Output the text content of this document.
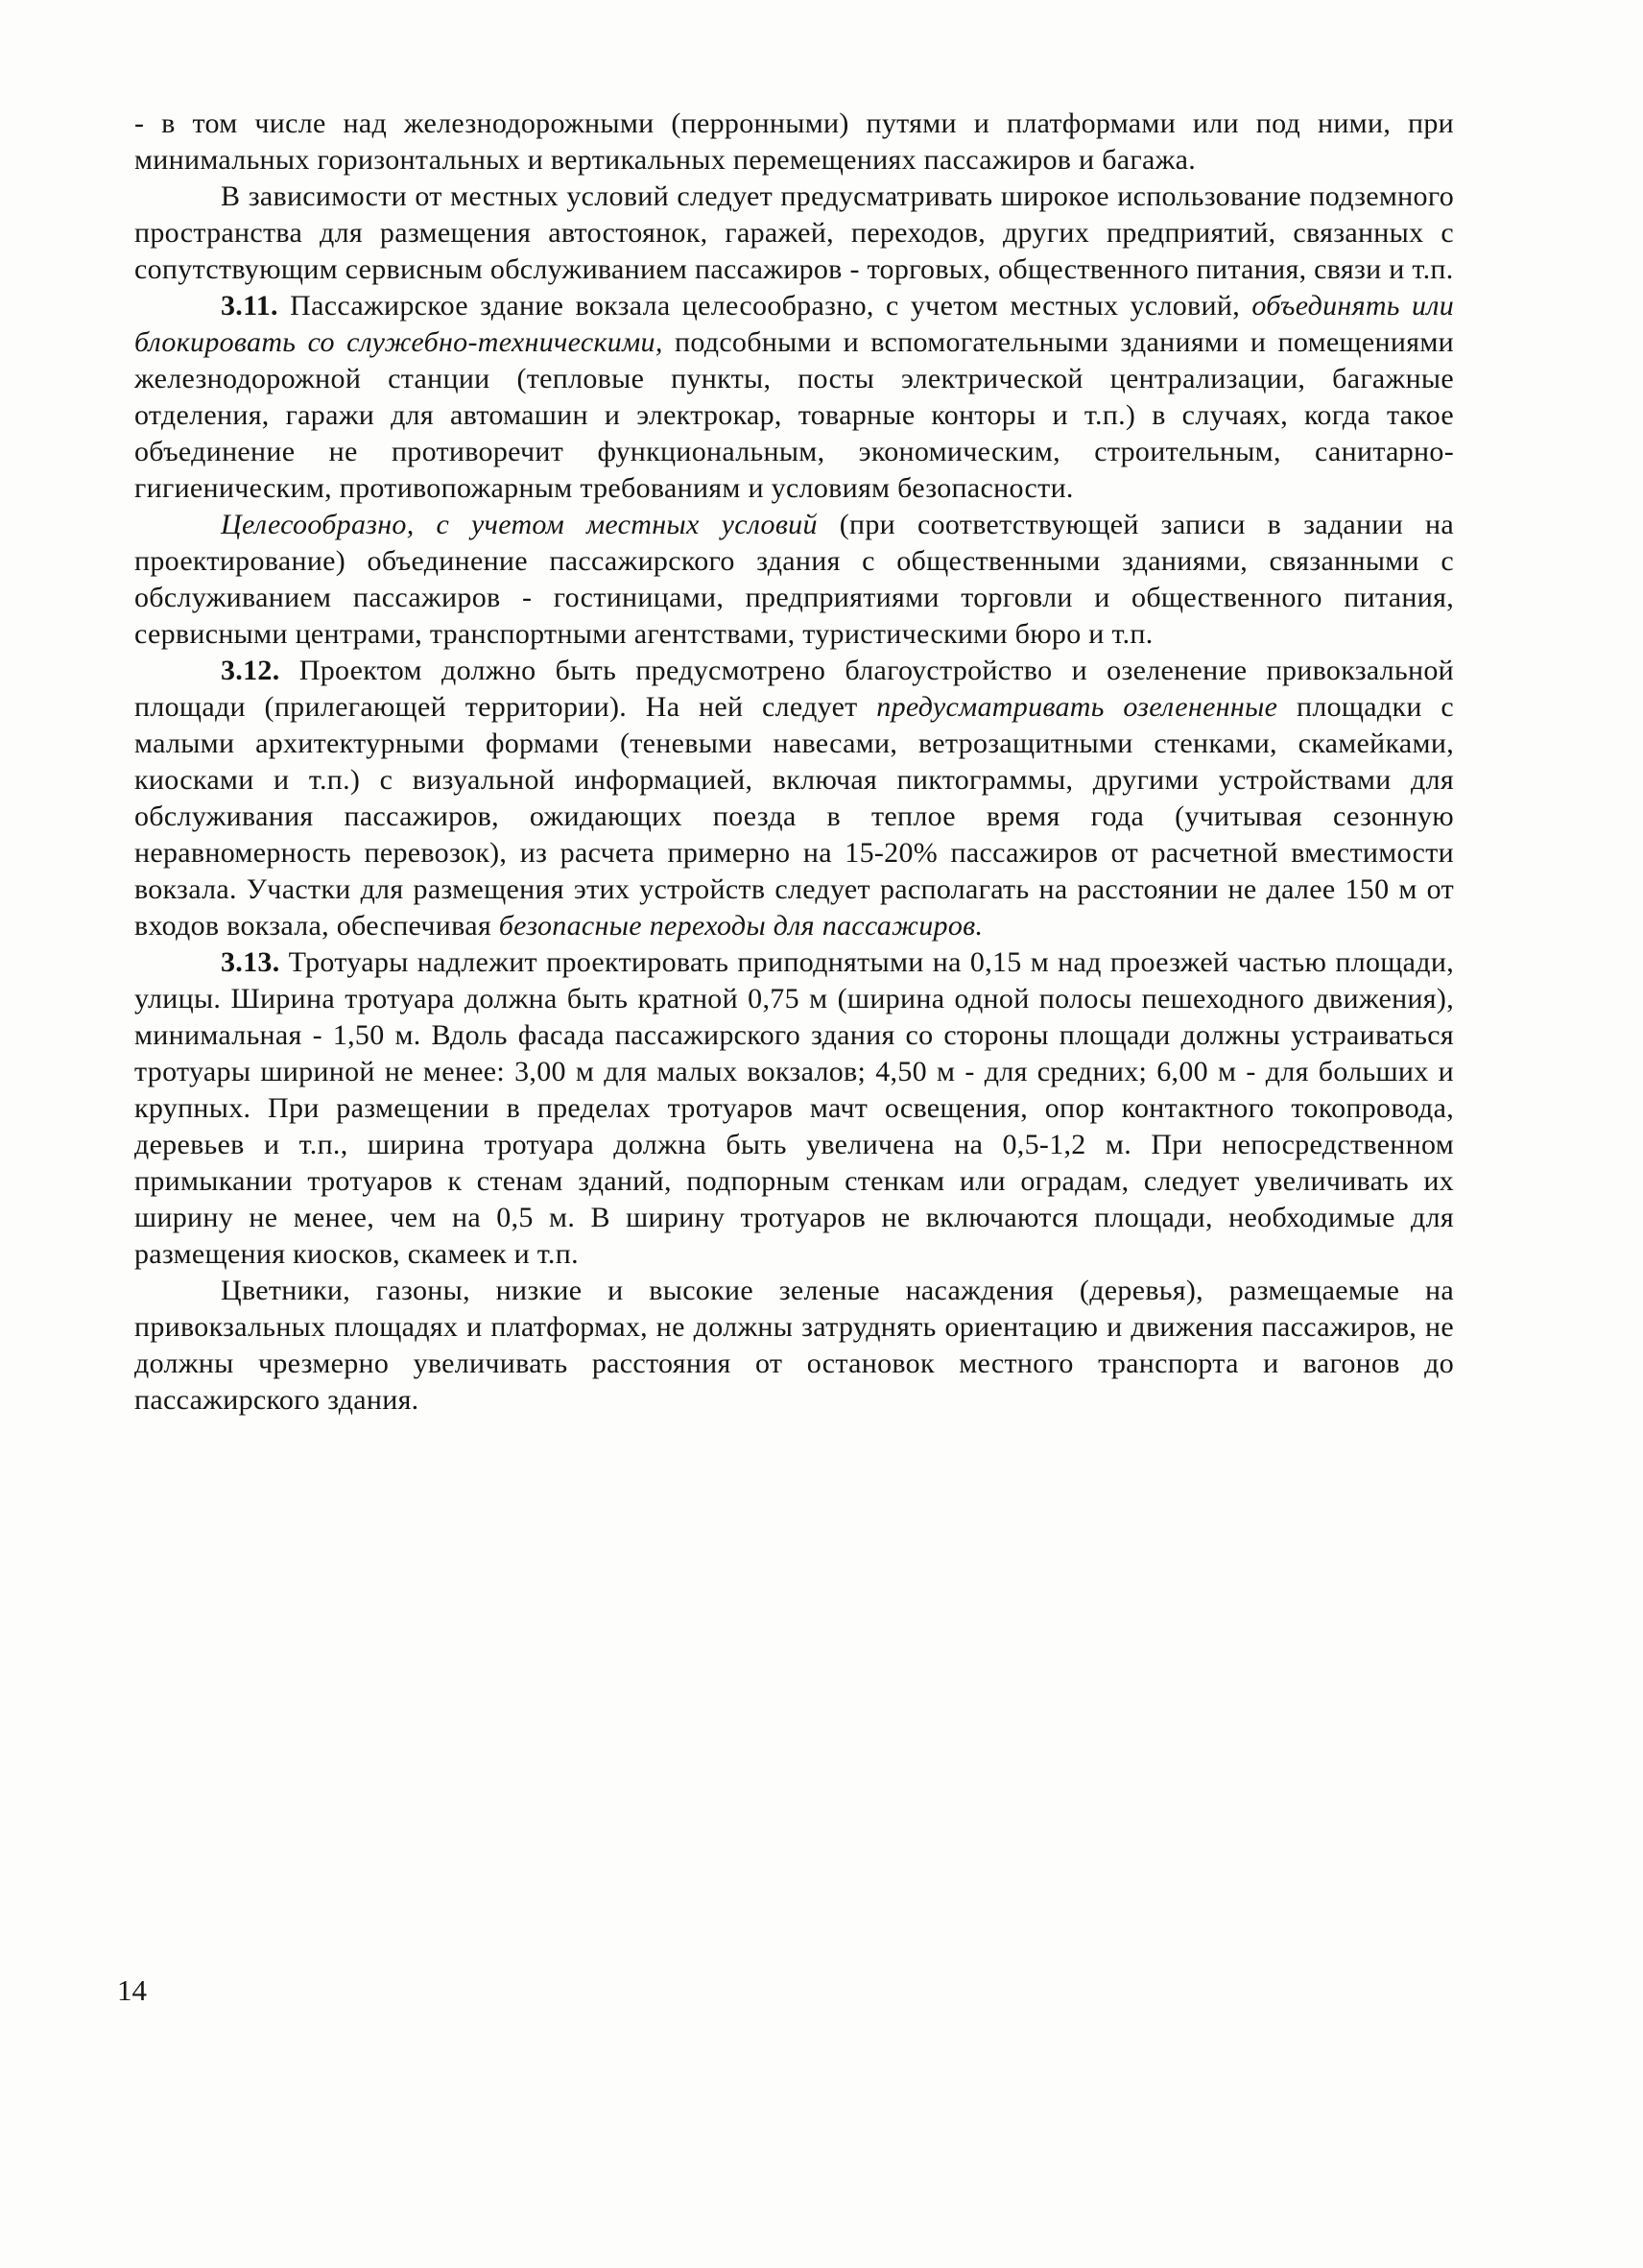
- в том числе над железнодорожными (перронными) путями и платформами или под ними, при минимальных горизонтальных и вертикальных перемещениях пассажиров и багажа.

В зависимости от местных условий следует предусматривать широкое использование подземного пространства для размещения автостоянок, гаражей, переходов, других предприятий, связанных с сопутствующим сервисным обслуживанием пассажиров - торговых, общественного питания, связи и т.п.

3.11. Пассажирское здание вокзала целесообразно, с учетом местных условий, объединять или блокировать со служебно-техническими, подсобными и вспомогательными зданиями и помещениями железнодорожной станции (тепловые пункты, посты электрической централизации, багажные отделения, гаражи для автомашин и электрокар, товарные конторы и т.п.) в случаях, когда такое объединение не противоречит функциональным, экономическим, строительным, санитарно-гигиеническим, противопожарным требованиям и условиям безопасности.

Целесообразно, с учетом местных условий (при соответствующей записи в задании на проектирование) объединение пассажирского здания с общественными зданиями, связанными с обслуживанием пассажиров - гостиницами, предприятиями торговли и общественного питания, сервисными центрами, транспортными агентствами, туристическими бюро и т.п.

3.12. Проектом должно быть предусмотрено благоустройство и озеленение привокзальной площади (прилегающей территории). На ней следует предусматривать озелененные площадки с малыми архитектурными формами (теневыми навесами, ветрозащитными стенками, скамейками, киосками и т.п.) с визуальной информацией, включая пиктограммы, другими устройствами для обслуживания пассажиров, ожидающих поезда в теплое время года (учитывая сезонную неравномерность перевозок), из расчета примерно на 15-20% пассажиров от расчетной вместимости вокзала. Участки для размещения этих устройств следует располагать на расстоянии не далее 150 м от входов вокзала, обеспечивая безопасные переходы для пассажиров.

3.13. Тротуары надлежит проектировать приподнятыми на 0,15 м над проезжей частью площади, улицы. Ширина тротуара должна быть кратной 0,75 м (ширина одной полосы пешеходного движения), минимальная - 1,50 м. Вдоль фасада пассажирского здания со стороны площади должны устраиваться тротуары шириной не менее: 3,00 м для малых вокзалов; 4,50 м - для средних; 6,00 м - для больших и крупных. При размещении в пределах тротуаров мачт освещения, опор контактного токопровода, деревьев и т.п., ширина тротуара должна быть увеличена на 0,5-1,2 м. При непосредственном примыкании тротуаров к стенам зданий, подпорным стенкам или оградам, следует увеличивать их ширину не менее, чем на 0,5 м. В ширину тротуаров не включаются площади, необходимые для размещения киосков, скамеек и т.п.

Цветники, газоны, низкие и высокие зеленые насаждения (деревья), размещаемые на привокзальных площадях и платформах, не должны затруднять ориентацию и движения пассажиров, не должны чрезмерно увеличивать расстояния от остановок местного транспорта и вагонов до пассажирского здания.

14
